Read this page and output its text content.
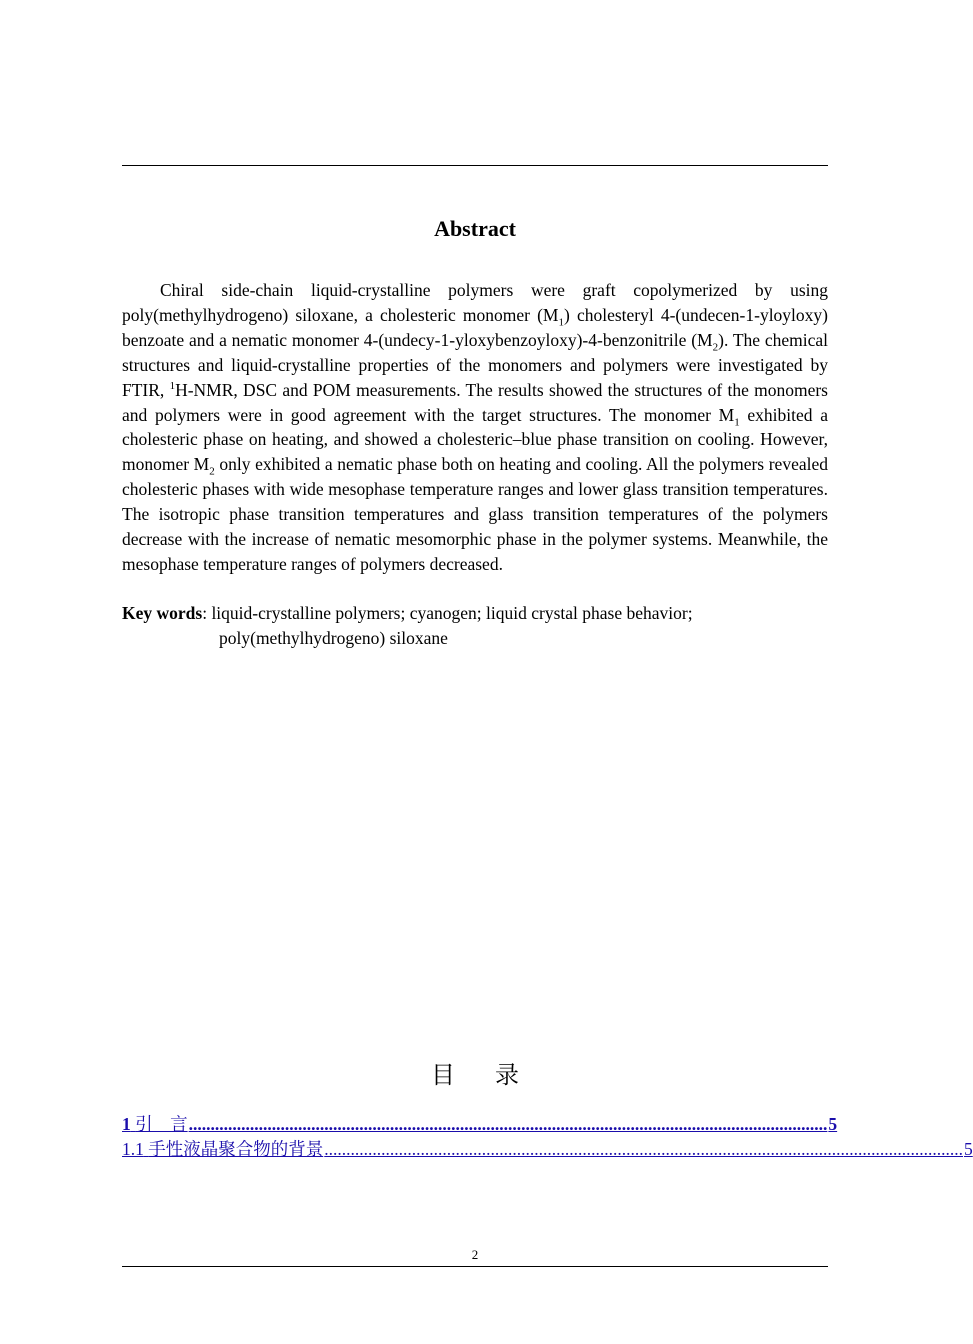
Abstract

Chiral side-chain liquid-crystalline polymers were graft copolymerized by using poly(methylhydrogeno) siloxane, a cholesteric monomer $(M_1)$ cholesteryl 4-(undecen-1-yloyloxy) benzoate and a nematic monomer 4-(undecy-1-yloxybenzoyloxy)-4-benzonitrile $(M_2)$. The chemical structures and liquid-crystalline properties of the monomers and polymers were investigated by FTIR, $^1$H-NMR, DSC and POM measurements. The results showed the structures of the monomers and polymers were in good agreement with the target structures. The monomer $M_1$ exhibited a cholesteric phase on heating, and showed a cholesteric–blue phase transition on cooling. However, monomer $M_2$ only exhibited a nematic phase both on heating and cooling. All the polymers revealed cholesteric phases with wide mesophase temperature ranges and lower glass transition temperatures. The isotropic phase transition temperatures and glass transition temperatures of the polymers decrease with the increase of nematic mesomorphic phase in the polymer systems. Meanwhile, the mesophase temperature ranges of polymers decreased.

Key words: liquid-crystalline polymers; cyanogen; liquid crystal phase behavior;
poly(methylhydrogeno) siloxane
目录
1 引　言 .................................................................................................................................................. 5
1.1 手性液晶聚合物的背景 .................................................................................................................................................. 5
2
